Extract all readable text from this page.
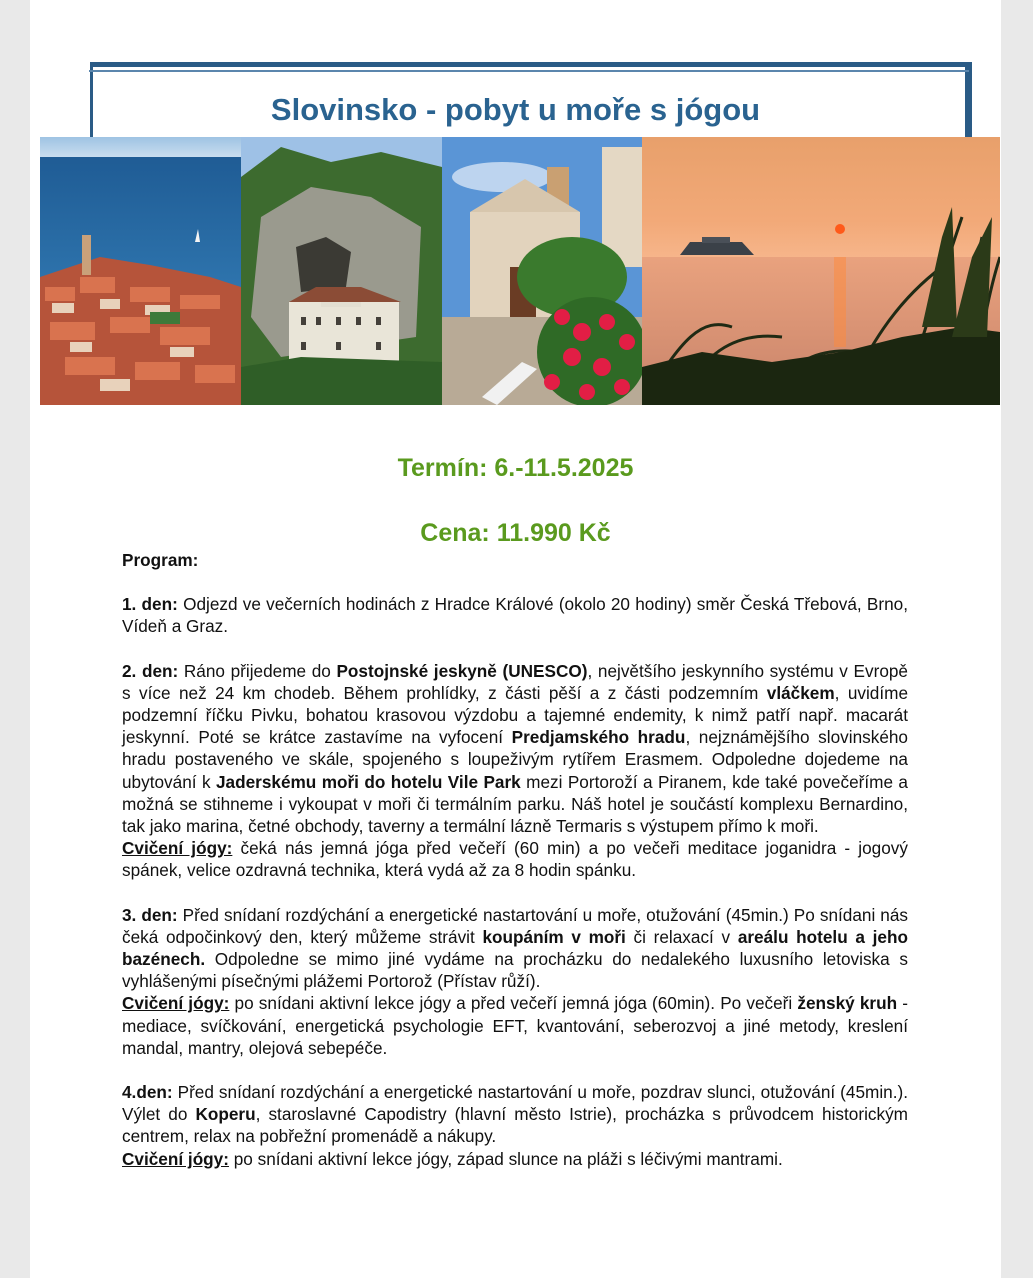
Slovinsko - pobyt u moře s jógou

Termín: 6.-11.5.2025

Cena: 11.990 Kč

Program:

1. den: Odjezd ve večerních hodinách z Hradce Králové (okolo 20 hodiny) směr Česká Třebová, Brno, Vídeň a Graz.

2. den: Ráno přijedeme do Postojnské jeskyně (UNESCO), největšího jeskynního systému v Evropě s více než 24 km chodeb. Během prohlídky, z části pěší a z části podzemním vláčkem, uvidíme podzemní říčku Pivku, bohatou krasovou výzdobu a tajemné endemity, k nimž patří např. macarát jeskynní. Poté se krátce zastavíme na vyfocení Predjamského hradu, nejznámějšího slovinského hradu postaveného ve skále, spojeného s loupeživým rytířem Erasmem. Odpoledne dojedeme na ubytování k Jaderskému moři do hotelu Vile Park mezi Portoroží a Piranem, kde také povečeříme a možná se stihneme i vykoupat v moři či termálním parku. Náš hotel je součástí komplexu Bernardino, tak jako marina, četné obchody, taverny a termální lázně Termaris s výstupem přímo k moři.

Cvičení jógy: čeká nás jemná jóga před večeří (60 min) a po večeři meditace joganidra - jogový spánek, velice ozdravná technika, která vydá až za 8 hodin spánku.

3. den: Před snídaní rozdýchání a energetické nastartování u moře, otužování (45min.) Po snídani nás čeká odpočinkový den, který můžeme strávit koupáním v moři či relaxací v areálu hotelu a jeho bazénech. Odpoledne se mimo jiné vydáme na procházku do nedalekého luxusního letoviska s vyhlášenými písečnými plážemi Portorož (Přístav růží).

Cvičení jógy: po snídani aktivní lekce jógy a před večeří jemná jóga (60min). Po večeři ženský kruh - mediace, svíčkování, energetická psychologie EFT, kvantování, seberozvoj a jiné metody, kreslení mandal, mantry, olejová sebepéče.

4.den: Před snídaní rozdýchání a energetické nastartování u moře, pozdrav slunci, otužování (45min.). Výlet do Koperu, staroslavné Capodistry (hlavní město Istrie), procházka s průvodcem historickým centrem, relax na pobřežní promenádě a nákupy.

Cvičení jógy: po snídani aktivní lekce jógy, západ slunce na pláži s léčivými mantrami.
